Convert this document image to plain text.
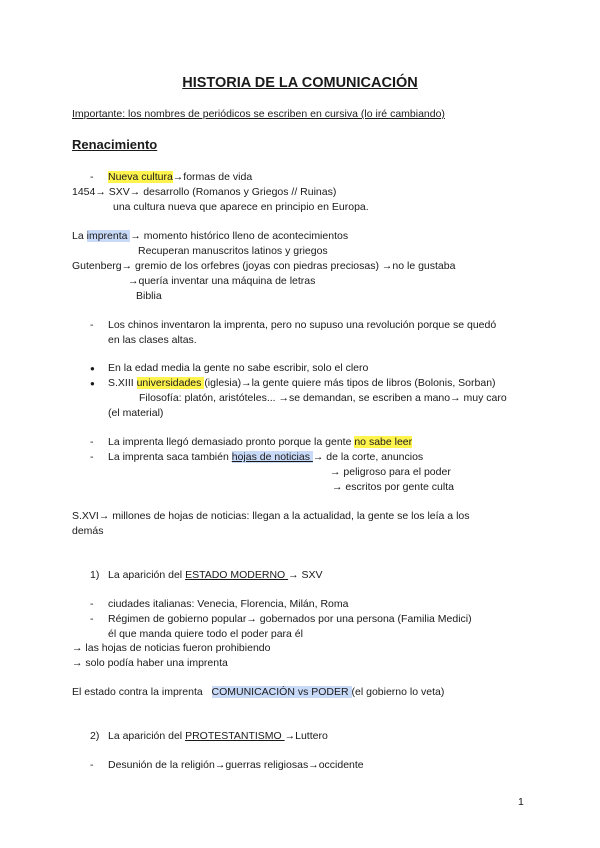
HISTORIA DE LA COMUNICACIÓN
Importante: los nombres de periódicos se escriben en cursiva (lo iré cambiando)
Renacimiento
- Nueva cultura→formas de vida
1454→ SXV→ desarrollo (Romanos y Griegos // Ruinas)
una cultura nueva que aparece en principio en Europa.
La imprenta → momento histórico lleno de acontecimientos
Recuperan manuscritos latinos y griegos
Gutenberg→ gremio de los orfebres (joyas con piedras preciosas) →no le gustaba
→quería inventar una máquina de letras
Biblia
- Los chinos inventaron la imprenta, pero no supuso una revolución porque se quedó
en las clases altas.
● En la edad media la gente no sabe escribir, solo el clero
● S.XIII universidades (iglesia)→la gente quiere más tipos de libros (Bolonis, Sorban)
Filosofía: platón, aristóteles... →se demandan, se escriben a mano→ muy caro
(el material)
- La imprenta llegó demasiado pronto porque la gente no sabe leer
- La imprenta saca también hojas de noticias → de la corte, anuncios
→ peligroso para el poder
→ escritos por gente culta
S.XVI→ millones de hojas de noticias: llegan a la actualidad, la gente se los leía a los
demás
1) La aparición del ESTADO MODERNO → SXV
- ciudades italianas: Venecia, Florencia, Milán, Roma
- Régimen de gobierno popular→ gobernados por una persona (Familia Medici)
él que manda quiere todo el poder para él
→ las hojas de noticias fueron prohibiendo
→ solo podía haber una imprenta
El estado contra la imprenta   COMUNICACIÓN vs PODER (el gobierno lo veta)
2) La aparición del PROTESTANTISMO →Luttero
- Desunión de la religión→guerras religiosas→occidente
1
